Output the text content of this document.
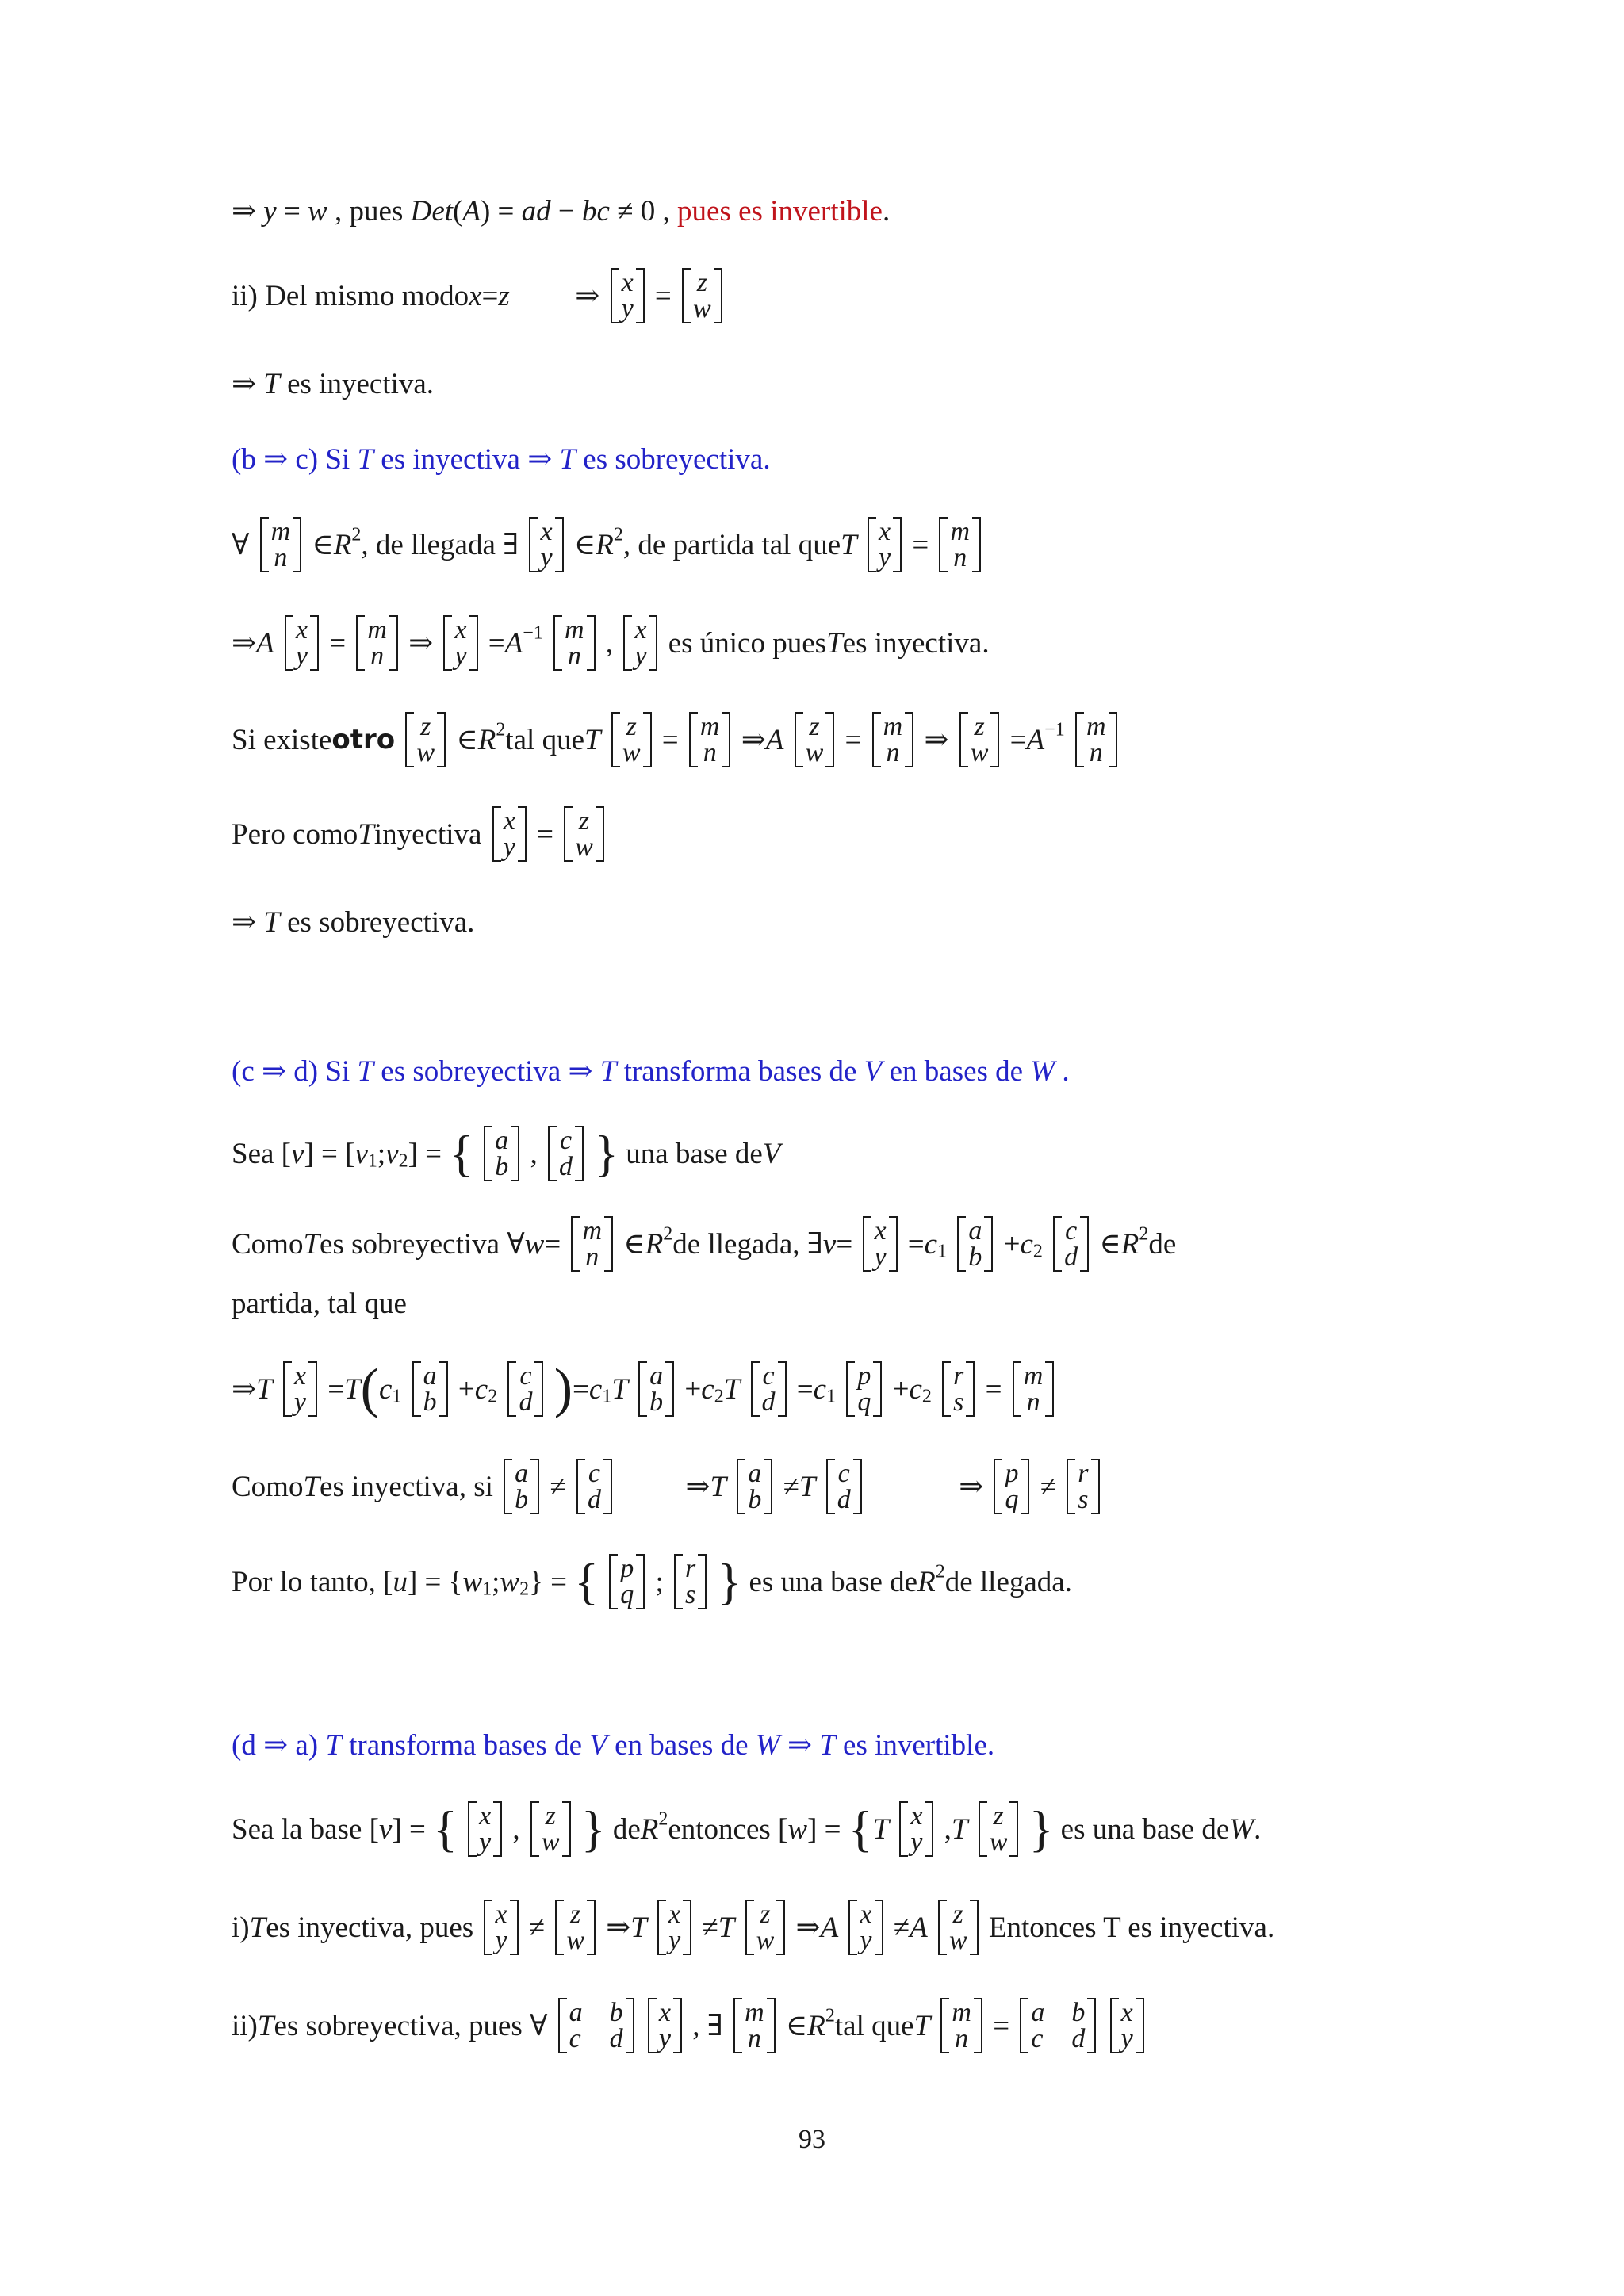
⇒ y = w , pues Det(A) = ad − bc ≠ 0 , pues es invertible.
ii) Del mismo modox=z ⇒ x
y = z
w
⇒ T es inyectiva.
(b ⇒ c) Si T es inyectiva ⇒ T es sobreyectiva.
∀ m
n $\in R^2$, de llegada ∃ x
y $\in R^2$, de partida tal queT x
y = m
n
⇒A x
y = m
n ⇒ x
$y =A^{-1}$ m
n , x
y es único puesTes inyectiva.
Si existeotro z
w $\in R^2tal$ queT z
w = m
n ⇒A z
w = m
n ⇒ z
$w =A^{-1}$ m
n
Pero comoTinyectiva x
y = z
w
⇒ T es sobreyectiva.
(c ⇒ d) Si T es sobreyectiva ⇒ T transforma bases de V en bases de W .
Sea $[v] = [v_1;v_2]$ = { a
b , c
d } una base deV
ComoTes sobreyectiva ∀w= m
n $\in R^2de$ llegada, ∃v= x
$y =c_1$
a
$b +c_2$
c
d $\in R^2de$
partida, tal que
⇒T x
$y =T(c_1$
a
$b +c_2$
c
d )$=c_1T$ a
$b +c_2T$ c
$d =c_1$
p
$q +c_2$
r
s = m
n
ComoTes inyectiva, si a
b ≠ c
d	⇒T a
b ≠T c
d	⇒ p
q ≠ r
s
Por lo tanto, $[u] = \{w_1;w_2\}$ = { p
q ; r
s } es una base deR$^2$de llegada.
(d ⇒ a) T transforma bases de V en bases de W ⇒ T es invertible.
Sea la base [v] = { x
y , z
w } deR$^2$entonces [w] = {T x
y ,T z
w } es una base deW.
i)Tes inyectiva, pues x
y ≠ z
w ⇒T x
y ≠T z
w ⇒A x
y ≠A z
w Entonces T es inyectiva.
ii)Tes sobreyectiva, pues ∀ a b
c d

x
y , ∃ m
n $\in R^2tal$ queT m
n = a b
c d

x
y
93
